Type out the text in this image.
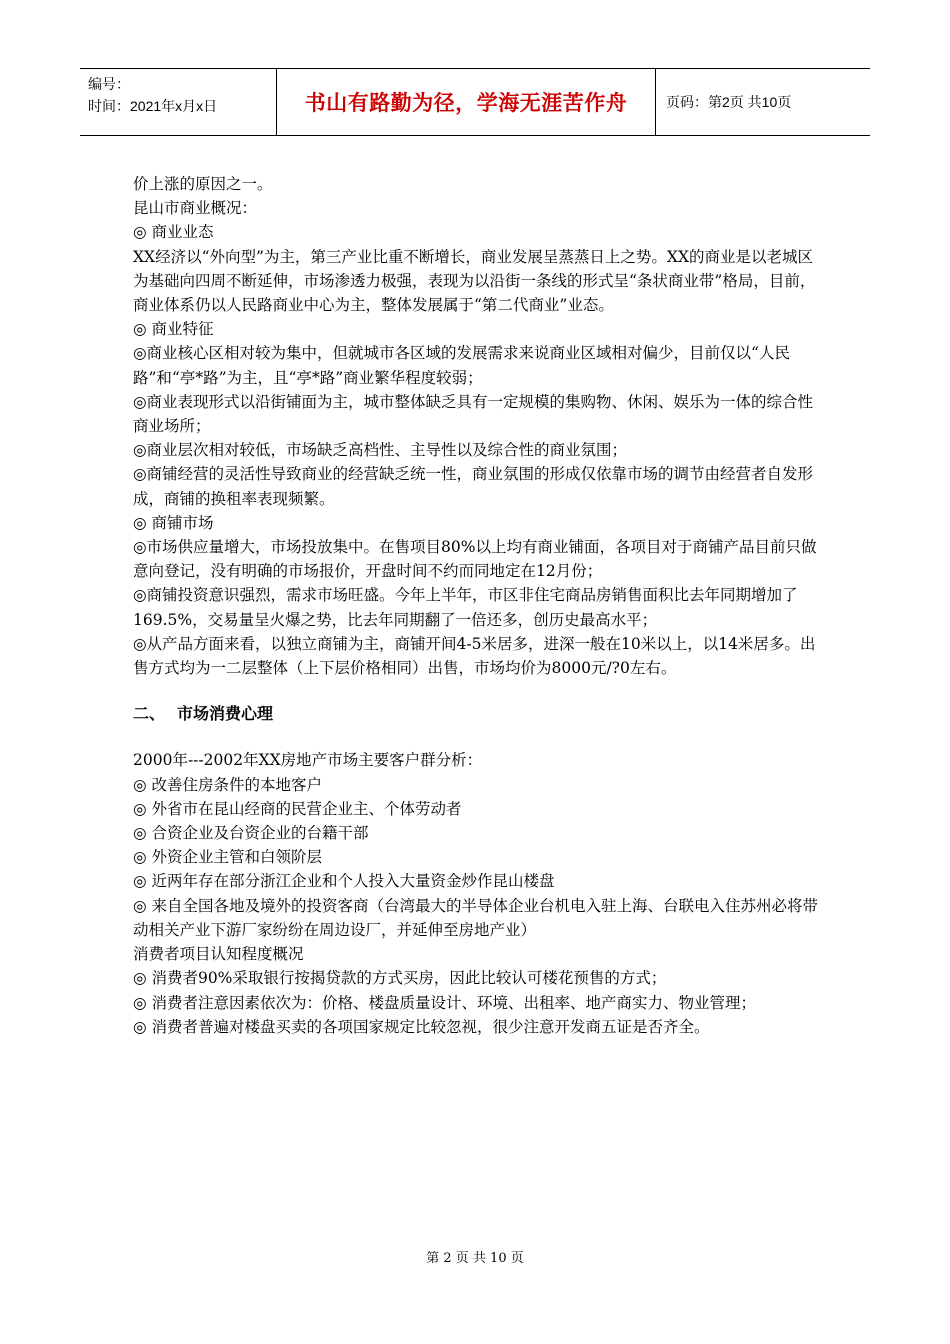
编号：
时间：2021年x月x日	书山有路勤为径，学海无涯苦作舟	页码：第2页 共10页

价上涨的原因之一。

昆山市商业概况：

◎ 商业业态

XX经济以“外向型”为主，第三产业比重不断增长，商业发展呈蒸蒸日上之势。XX的商业是以老城区为基础向四周不断延伸，市场渗透力极强，表现为以沿街一条线的形式呈“条状商业带”格局，目前，商业体系仍以人民路商业中心为主，整体发展属于“第二代商业”业态。

◎ 商业特征

◎商业核心区相对较为集中，但就城市各区域的发展需求来说商业区域相对偏少，目前仅以“人民路”和“亭*路”为主，且“亭*路”商业繁华程度较弱；

◎商业表现形式以沿街铺面为主，城市整体缺乏具有一定规模的集购物、休闲、娱乐为一体的综合性商业场所；

◎商业层次相对较低，市场缺乏高档性、主导性以及综合性的商业氛围；

◎商铺经营的灵活性导致商业的经营缺乏统一性，商业氛围的形成仅依靠市场的调节由经营者自发形成，商铺的换租率表现频繁。

◎ 商铺市场

◎市场供应量增大，市场投放集中。在售项目80%以上均有商业铺面，各项目对于商铺产品目前只做意向登记，没有明确的市场报价，开盘时间不约而同地定在12月份；

◎商铺投资意识强烈，需求市场旺盛。今年上半年，市区非住宅商品房销售面积比去年同期增加了169.5%，交易量呈火爆之势，比去年同期翻了一倍还多，创历史最高水平；

◎从产品方面来看，以独立商铺为主，商铺开间4-5米居多，进深一般在10米以上，以14米居多。出售方式均为一二层整体（上下层价格相同）出售，市场均价为8000元/?0左右。

二、 市场消费心理

2000年---2002年XX房地产市场主要客户群分析：

◎ 改善住房条件的本地客户

◎ 外省市在昆山经商的民营企业主、个体劳动者

◎ 合资企业及台资企业的台籍干部

◎ 外资企业主管和白领阶层

◎ 近两年存在部分浙江企业和个人投入大量资金炒作昆山楼盘

◎ 来自全国各地及境外的投资客商（台湾最大的半导体企业台机电入驻上海、台联电入住苏州必将带动相关产业下游厂家纷纷在周边设厂，并延伸至房地产业）

消费者项目认知程度概况

◎ 消费者90%采取银行按揭贷款的方式买房，因此比较认可楼花预售的方式；

◎ 消费者注意因素依次为：价格、楼盘质量设计、环境、出租率、地产商实力、物业管理；

◎ 消费者普遍对楼盘买卖的各项国家规定比较忽视，很少注意开发商五证是否齐全。

第 2 页 共 10 页
